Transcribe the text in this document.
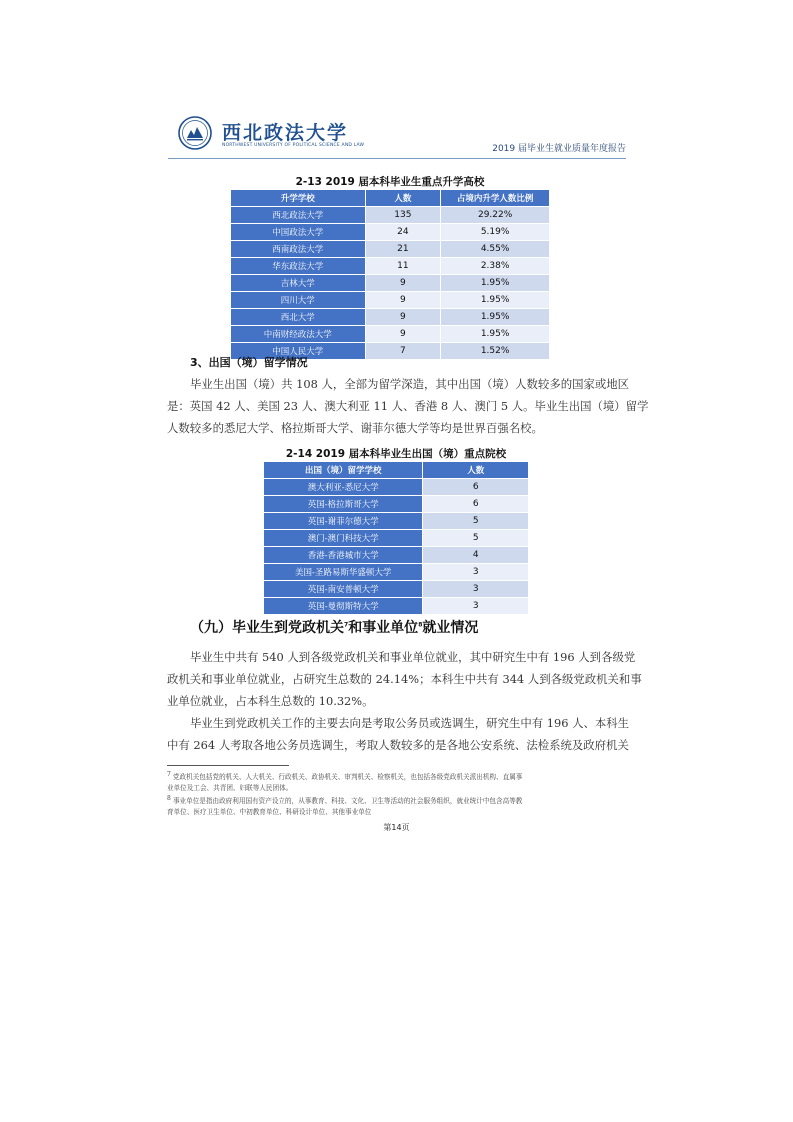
西北政法大学
NORTHWEST UNIVERSITY OF POLITICAL SCIENCE AND LAW	2019 届毕业生就业质量年度报告
2-13 2019 届本科毕业生重点升学高校
升学学校	人数	占境内升学人数比例
西北政法大学	135	29.22%
中国政法大学	24	5.19%
西南政法大学	21	4.55%
华东政法大学	11	2.38%
吉林大学	9	1.95%
四川大学	9	1.95%
西北大学	9	1.95%
中南财经政法大学	9	1.95%
中国人民大学	7	1.52%
3、出国（境）留学情况
毕业生出国（境）共 108 人，全部为留学深造，其中出国（境）人数较多的国家或地区
是：英国 42 人、美国 23 人、澳大利亚 11 人、香港 8 人、澳门 5 人。毕业生出国（境）留学
人数较多的悉尼大学、格拉斯哥大学、谢菲尔德大学等均是世界百强名校。
2-14 2019 届本科毕业生出国（境）重点院校
出国（境）留学学校	人数
澳大利亚-悉尼大学	6
英国-格拉斯哥大学	6
英国-谢菲尔德大学	5
澳门-澳门科技大学	5
香港-香港城市大学	4
美国-圣路易斯华盛顿大学	3
英国-南安普顿大学	3
英国-曼彻斯特大学	3
（九）毕业生到党政机关$^7$和事业单位$^8$就业情况
毕业生中共有 540 人到各级党政机关和事业单位就业，其中研究生中有 196 人到各级党
政机关和事业单位就业，占研究生总数的 24.14%；本科生中共有 344 人到各级党政机关和事
业单位就业，占本科生总数的 10.32%。
毕业生到党政机关工作的主要去向是考取公务员或选调生，研究生中有 196 人、本科生
中有 264 人考取各地公务员选调生，考取人数较多的是各地公安系统、法检系统及政府机关
$^7$ 党政机关包括党的机关、人大机关、行政机关、政协机关、审判机关、检察机关，也包括各级党政机关派出机构、直属事
业单位及工会、共青团、妇联等人民团体。
$^8$ 事业单位是指由政府利用国有资产设立的，从事教育、科技、文化、卫生等活动的社会服务组织，就业统计中包含高等教
育单位、医疗卫生单位、中初教育单位、科研设计单位、其他事业单位
第14页
